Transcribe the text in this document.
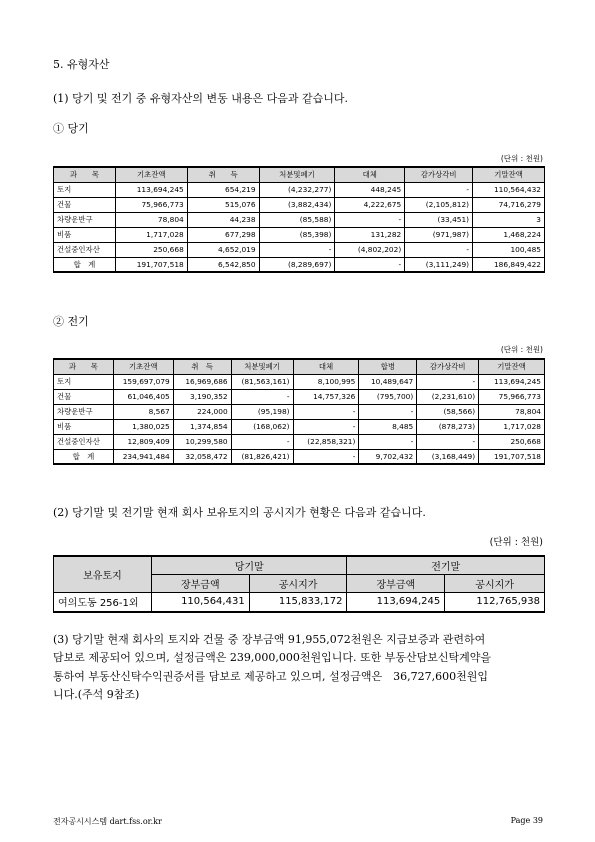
5. 유형자산
(1) 당기 및 전기 중 유형자산의 변동 내용은 다음과 같습니다.
① 당기
(단위 : 천원)
과　　목	기초잔액	취　　득	처분및폐기	대체	감가상각비	기말잔액
토지	113,694,245	654,219	(4,232,277)	448,245	-	110,564,432
건물	75,966,773	515,076	(3,882,434)	4,222,675	(2,105,812)	74,716,279
차량운반구	78,804	44,238	(85,588)	-	(33,451)	3
비품	1,717,028	677,298	(85,398)	131,282	(971,987)	1,468,224
건설중인자산	250,668	4,652,019	-	(4,802,202)	-	100,485
합　계	191,707,518	6,542,850	(8,289,697)	-	(3,111,249)	186,849,422
② 전기
(단위 : 천원)
과　　목	기초잔액	취　득	처분및폐기	대체	합병	감가상각비	기말잔액
토지	159,697,079	16,969,686	(81,563,161)	8,100,995	10,489,647	-	113,694,245
건물	61,046,405	3,190,352	-	14,757,326	(795,700)	(2,231,610)	75,966,773
차량운반구	8,567	224,000	(95,198)	-	-	(58,566)	78,804
비품	1,380,025	1,374,854	(168,062)	-	8,485	(878,273)	1,717,028
건설중인자산	12,809,409	10,299,580	-	(22,858,321)	-	-	250,668
합　계	234,941,484	32,058,472	(81,826,421)	-	9,702,432	(3,168,449)	191,707,518
(2) 당기말 및 전기말 현재 회사 보유토지의 공시지가 현황은 다음과 같습니다.
(단위 : 천원)
보유토지	당기말		전기말	
	장부금액	공시지가	장부금액	공시지가
여의도동 256-1외	110,564,431	115,833,172	113,694,245	112,765,938
(3) 당기말 현재 회사의 토지와 건물 중 장부금액 91,955,072천원은 지급보증과 관련하여
담보로 제공되어 있으며, 설정금액은 239,000,000천원입니다. 또한 부동산담보신탁계약을
통하여 부동산신탁수익권증서를 담보로 제공하고 있으며, 설정금액은　36,727,600천원입
니다.(주석 9참조)
전자공시시스템 dart.fss.or.kr	Page 39
